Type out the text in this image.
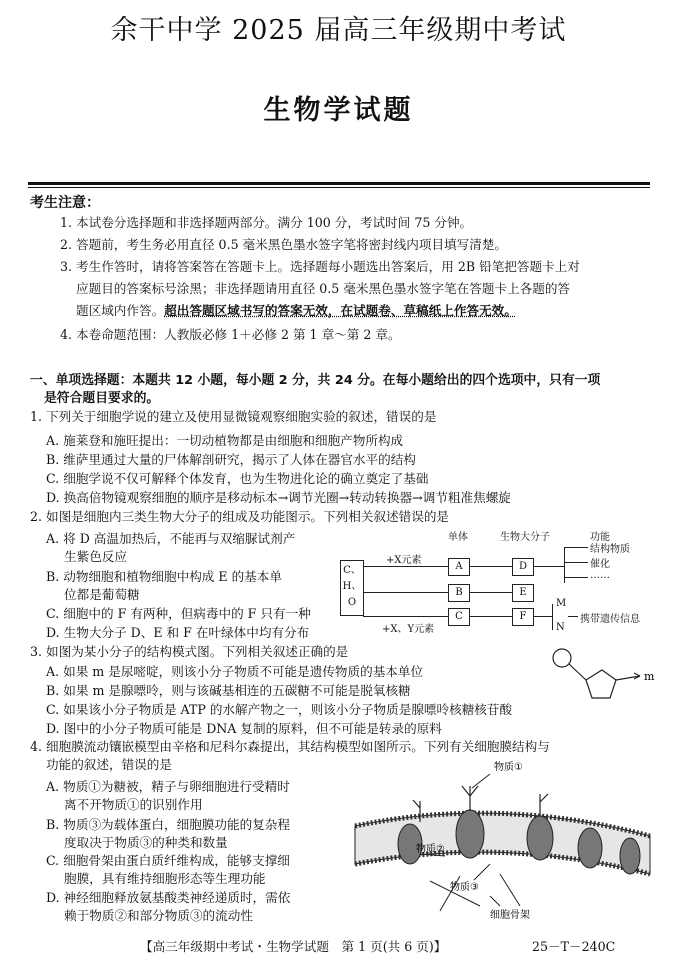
余干中学 2025 届高三年级期中考试
生物学试题
考生注意：
1. 本试卷分选择题和非选择题两部分。满分 100 分，考试时间 75 分钟。
2. 答题前，考生务必用直径 0.5 毫米黑色墨水签字笔将密封线内项目填写清楚。
3. 考生作答时，请将答案答在答题卡上。选择题每小题选出答案后，用 2B 铅笔把答题卡上对
应题目的答案标号涂黑；非选择题请用直径 0.5 毫米黑色墨水签字笔在答题卡上各题的答
题区域内作答。超出答题区域书写的答案无效，在试题卷、草稿纸上作答无效。
4. 本卷命题范围：人教版必修 1＋必修 2 第 1 章～第 2 章。
一、单项选择题：本题共 12 小题，每小题 2 分，共 24 分。在每小题给出的四个选项中，只有一项
是符合题目要求的。
1. 下列关于细胞学说的建立及使用显微镜观察细胞实验的叙述，错误的是
A. 施莱登和施旺提出：一切动植物都是由细胞和细胞产物所构成
B. 维萨里通过大量的尸体解剖研究，揭示了人体在器官水平的结构
C. 细胞学说不仅可解释个体发育，也为生物进化论的确立奠定了基础
D. 换高倍物镜观察细胞的顺序是移动标本→调节光圈→转动转换器→调节粗准焦螺旋
2. 如图是细胞内三类生物大分子的组成及功能图示。下列相关叙述错误的是
A. 将 D 高温加热后，不能再与双缩脲试剂产
生紫色反应
B. 动物细胞和植物细胞中构成 E 的基本单
位都是葡萄糖
C. 细胞中的 F 有两种，但病毒中的 F 只有一种
D. 生物大分子 D、E 和 F 在叶绿体中均有分布
单体	生物大分子	功能
结构物质
催化
……
C、
H、
O
+X元素
+X、Y元素
A
B
C
D
E
F
M
N
携带遗传信息
3. 如图为某小分子的结构模式图。下列相关叙述正确的是
A. 如果 m 是尿嘧啶，则该小分子物质不可能是遗传物质的基本单位
B. 如果 m 是腺嘌呤，则与该碱基相连的五碳糖不可能是脱氧核糖
C. 如果该小分子物质是 ATP 的水解产物之一，则该小分子物质是腺嘌呤核糖核苷酸
D. 图中的小分子物质可能是 DNA 复制的原料，但不可能是转录的原料
m
4. 细胞膜流动镶嵌模型由辛格和尼科尔森提出，其结构模型如图所示。下列有关细胞膜结构与
功能的叙述，错误的是
A. 物质①为糖被，精子与卵细胞进行受精时
离不开物质①的识别作用
B. 物质③为载体蛋白，细胞膜功能的复杂程
度取决于物质③的种类和数量
C. 细胞骨架由蛋白质纤维构成，能够支撑细
胞膜，具有维持细胞形态等生理功能
D. 神经细胞释放氨基酸类神经递质时，需依
赖于物质②和部分物质③的流动性
物质①
物质②
物质③
细胞骨架
【高三年级期中考试・生物学试题　第 1 页(共 6 页)】	25－T－240C
